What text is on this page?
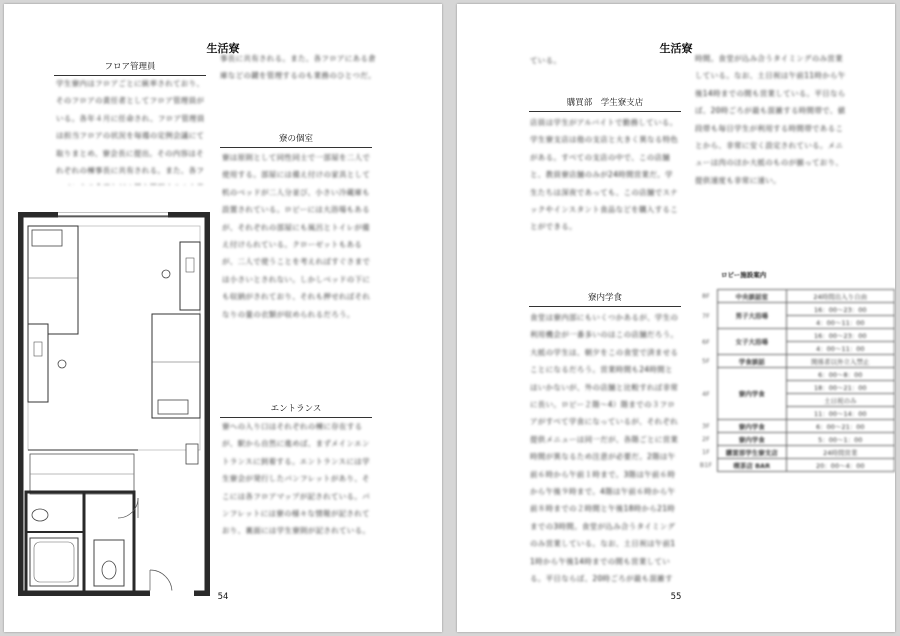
生活寮
フロア管理員

学生寮内はフロアごとに統率されており、そのフロアの責任者としてフロア管理員がいる。各年４月に任命され、フロア管理員は担当フロアの状況を毎週の定例会議にて取りまとめ、寮会長に提出。その内容はそれぞれの棟事長に共有される。また、各フ

事長に共有される。また、各フロアにある倉庫などの鍵を管理するのも業務のひとつだ。

寮の個室

寮は原則として同性同士で一部屋を二人で使用する。部屋には備え付けの家具として机のベッドが二人分並び、小さい冷蔵庫も設置されている。ロビーには大浴場もあるが、それぞれの部屋にも風呂とトイレが備え付けられている。クローゼットもあるが、二人で使うことを考えればすぐさまでは小さいとされない。しかしベッドの下にも収納がされており、それも押せればそれなりの量の衣類が収められるだろう。

エントランス

寮への入り口はそれぞれの棟に存在するが、駅から自然に進めば、まずメインエントランスに到着する。エントランスには学生寮会が発行したパンフレットがあり、そこには各フロアマップが記されている。パンフレットには寮の様々な情報が記されており、裏面には学生寮則が記されている。

54
生活寮

ている。

購買部　学生寮支店

店員は学生がアルバイトで勤務している。学生寮支店は他の支店と大きく異なる特色がある。すべての支店の中で、この店舗と、教員寮店舗のみが24時間営業だ。学生たちは深夜であっても、この店舗でスナックやインスタント食品などを購入することができる。

寮内学食

食堂は寮内部にもいくつかあるが、学生の利用機会が一番多いのはこの店舗だろう。大抵の学生は、朝夕をこの食堂で済ませることになるだろう。営業時間も24時間とはいかないが、外の店舗と比較すれば非常に長い。ロビー２階～4）階までの３フロアがすべて学食になっているが、それぞれ提供メニューは同一だが、各階ごとに営業時間が異なるため注意が必要だ。2階は午前６時から午前１時まで。3階は午前６時から午後９時まで。4階は午前６時から午前８時までの２時間と午後18時から21時までの3時間。食堂が込み合うタイミングのみ営業している。なお、土日祝は午前11時から午後14時までの間も営業している。平日ならば、20時ごろが最も混雑す

時間。食堂が込み合うタイミングのみ営業している。なお、土日祝は午前11時から午後14時までの間も営業している。平日ならば、20時ごろが最も混雑する時間帯で、値段帯も毎日学生が利用する時間帯であることから、非常に安く設定されている。メニューは肉のほか大抵のものが揃っており、提供速度も非常に速い。

ロビー施設案内
8F	中央談話室	24時間出入り自由
7F	男子大浴場	16：00～23：00
		4：00～11：00
6F	女子大浴場	16：00～23：00
		4：00～11：00
5F	学食談話	関係者以外立入禁止
4F	寮内学食	6：00～8：00
		18：00～21：00
		土日祝のみ
		11：00～14：00
3F	寮内学食	6：00～21：00
2F	寮内学食	5：00～1：00
1F	購買部学生寮支店	24時間営業
B1F	喫茶店 BAR	20：00～4：00
55
